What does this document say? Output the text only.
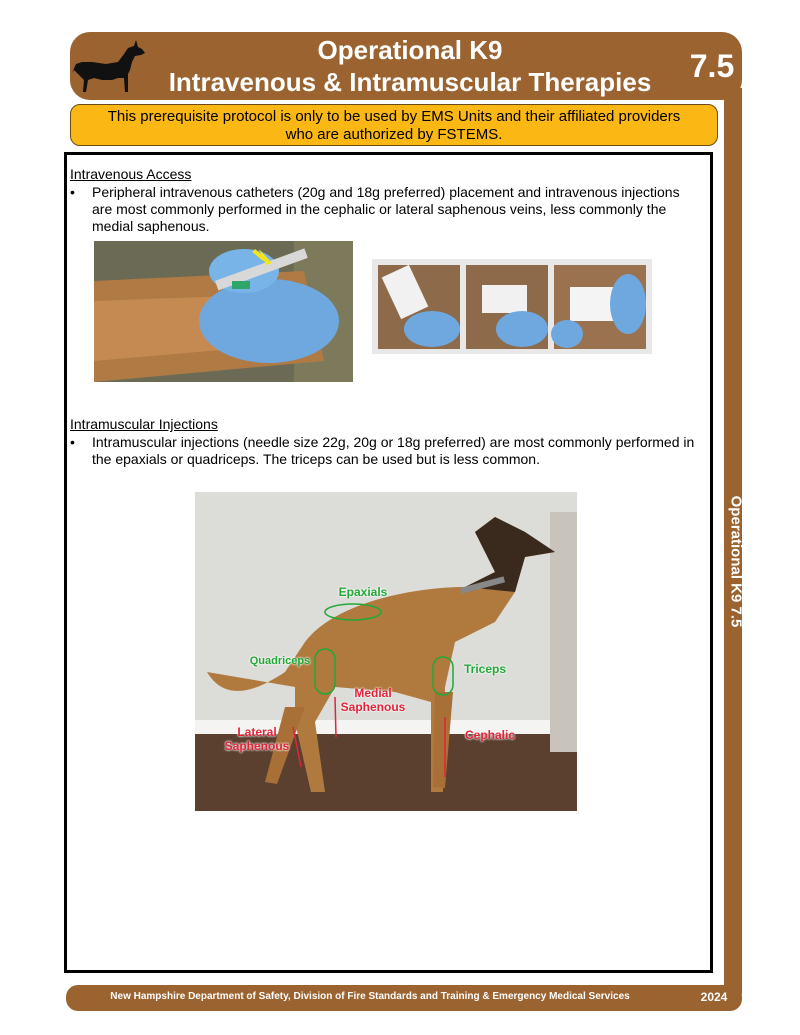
Operational K9
Intravenous & Intramuscular Therapies	7.5
Operational K9 7.5
This prerequisite protocol is only to be used by EMS Units and their affiliated providers
who are authorized by FSTEMS.
Intravenous Access
• Peripheral intravenous catheters (20g and 18g preferred) placement and intravenous injections are most commonly performed in the cephalic or lateral saphenous veins, less commonly the medial saphenous.
Intramuscular Injections
• Intramuscular injections (needle size 22g, 20g or 18g preferred) are most commonly performed in the epaxials or quadriceps. The triceps can be used but is less common.
Epaxials
Quadriceps
Triceps
Medial
Saphenous
Lateral
Saphenous
Cephalic
New Hampshire Department of Safety, Division of Fire Standards and Training & Emergency Medical Services	2024
